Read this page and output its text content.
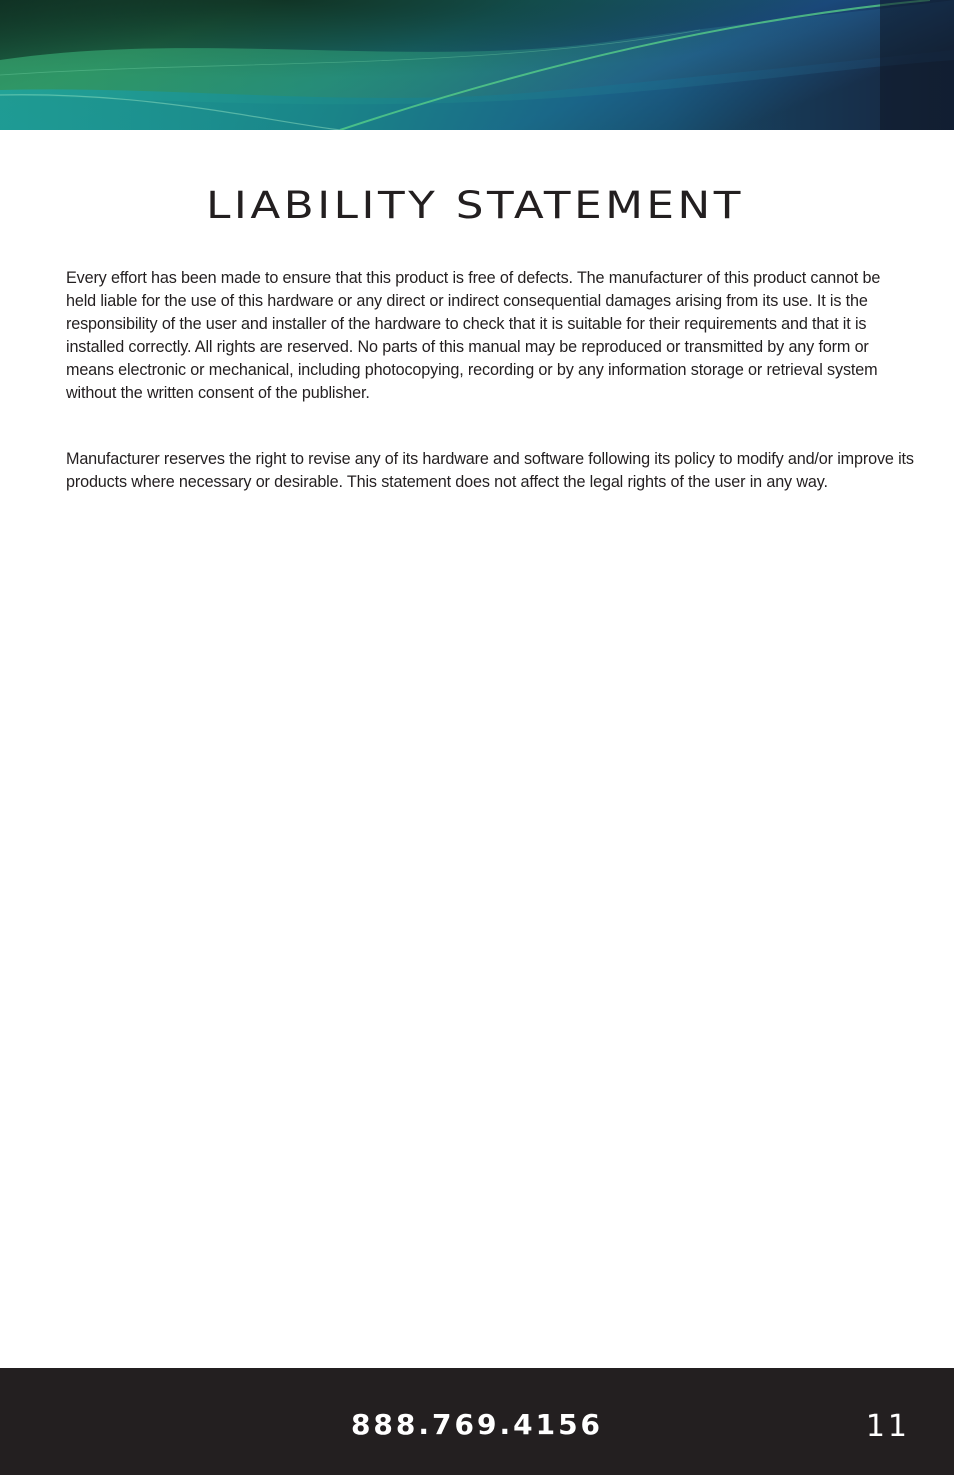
LIABILITY STATEMENT

Every effort has been made to ensure that this product is free of defects. The manufacturer of this product cannot be held liable for the use of this hardware or any direct or indirect consequential damages arising from its use. It is the responsibility of the user and installer of the hardware to check that it is suitable for their requirements and that it is installed correctly. All rights are reserved. No parts of this manual may be reproduced or transmitted by any form or means electronic or mechanical, including photocopying, recording or by any information storage or retrieval system without the written consent of the publisher.

Manufacturer reserves the right to revise any of its hardware and software following its policy to modify and/or improve its products where necessary or desirable. This statement does not affect the legal rights of the user in any way.

888.769.4156	11
